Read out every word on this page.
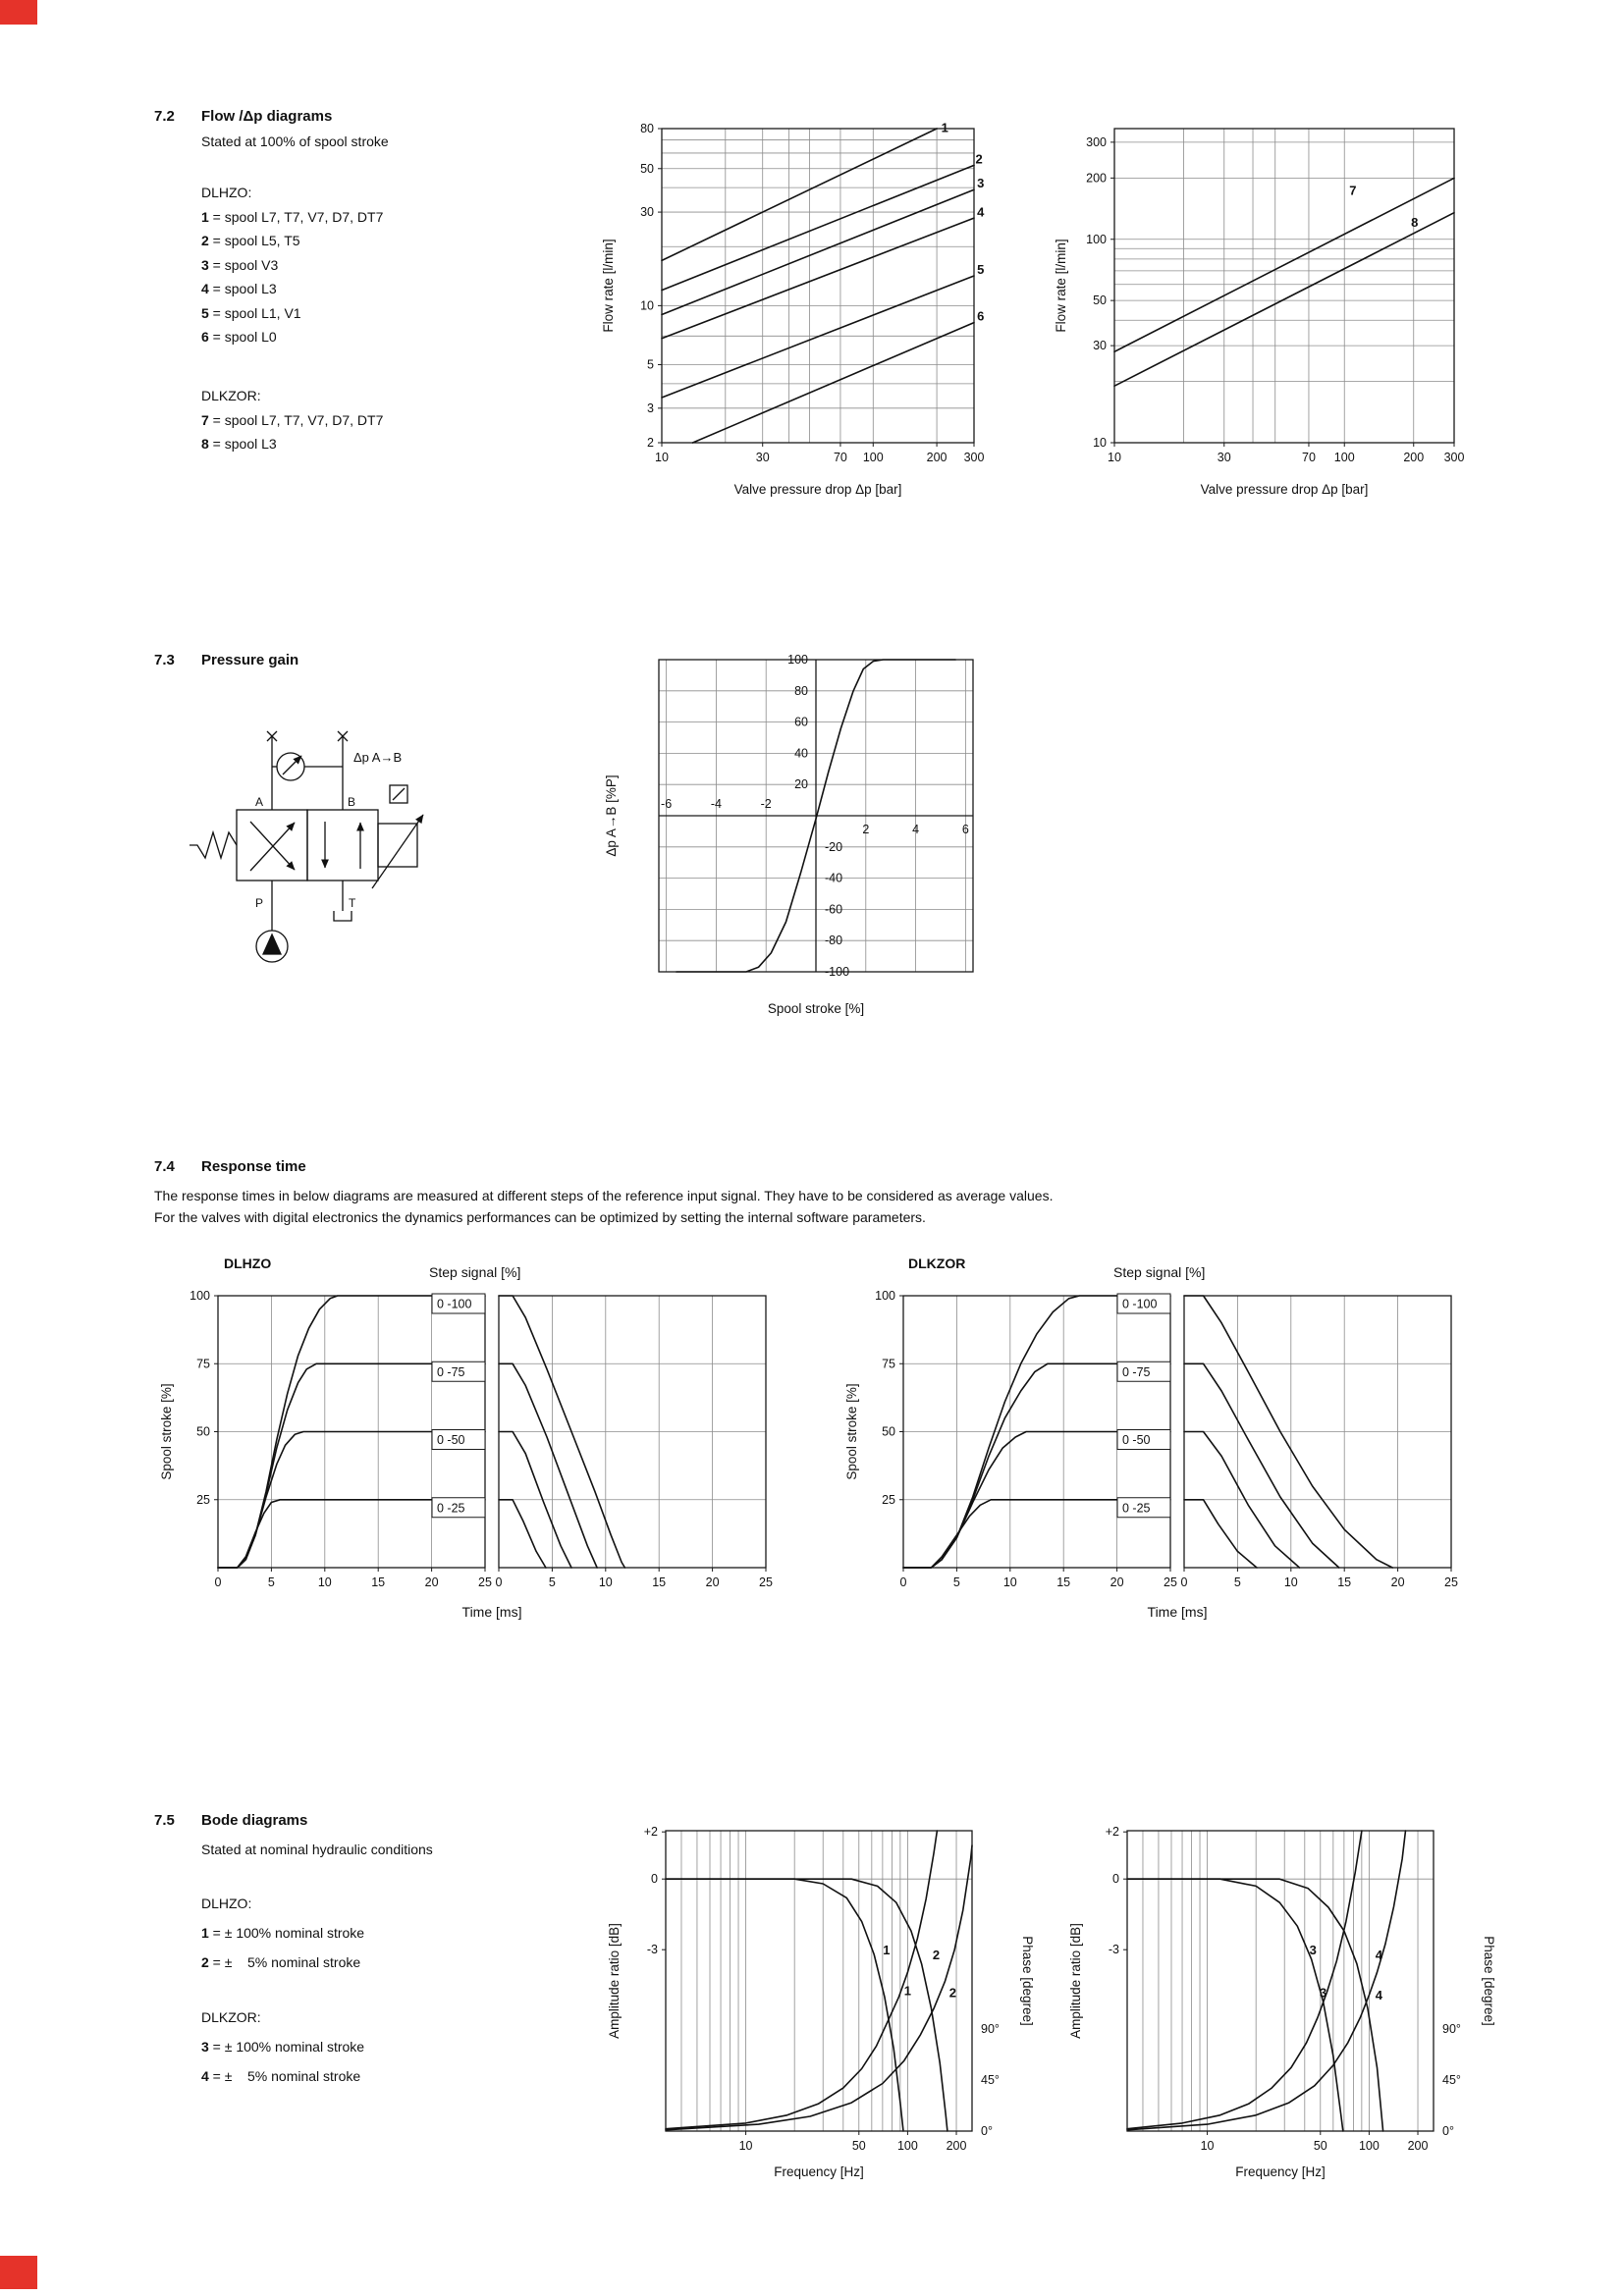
10	30	70 100	200 300
80
50
30
10
5
3
2
1
2
3
4
5
6
Valve pressure drop Δp [bar]
Flow rate [l/min]
10	30	70 100	200 300
300
200
100
50
30
10
7
8
Valve pressure drop Δp [bar]
Flow rate [l/min]
-6	-4	-2
2	4	6
100
80
60
40
20
-20
-40
-60
-80
-100
Spool stroke [%]
Δp A→B [%P]
0	5	10	15	20	25
100
75
50
25
0 -100
0 -75
0 -50
0 -25
Spool stroke [%]
0	5	10	15	20	25	0	5	10	15	20	25
100
75
50
25
0 -100
0 -75
0 -50
0 -25
Spool stroke [%]
0	5	10	15	20	25
10	50	100 200
+2
0
-3
90°
45°
0°
1	2
1	2
Frequency [Hz]
Amplitude ratio [dB]	Phase [degree]
10	50	100 200
+2
0
-3
90°
45°
0°
3	4
3	4
Frequency [Hz]
Amplitude ratio [dB]	Phase [degree]
7.2	Flow /Δp diagrams
Stated at 100% of spool stroke
DLHZO:
1 = spool L7, T7, V7, D7, DT7
2 = spool L5, T5
3 = spool V3
4 = spool L3
5 = spool L1, V1
6 = spool L0
DLKZOR:
7 = spool L7, T7, V7, D7, DT7
8 = spool L3
7.3	Pressure gain
A	B
P	T
Δp A→B
7.4	Response time
The response times in below diagrams are measured at different steps of the reference input signal. They have to be considered as average values.
For the valves with digital electronics the dynamics performances can be optimized by setting the internal software parameters.
DLHZO
Step signal [%]
DLKZOR
Step signal [%]
Time [ms]	Time [ms]
7.5	Bode diagrams
Stated at nominal hydraulic conditions
DLHZO:
1 = ± 100% nominal stroke
2 = ±    5% nominal stroke
DLKZOR:
3 = ± 100% nominal stroke
4 = ±    5% nominal stroke
